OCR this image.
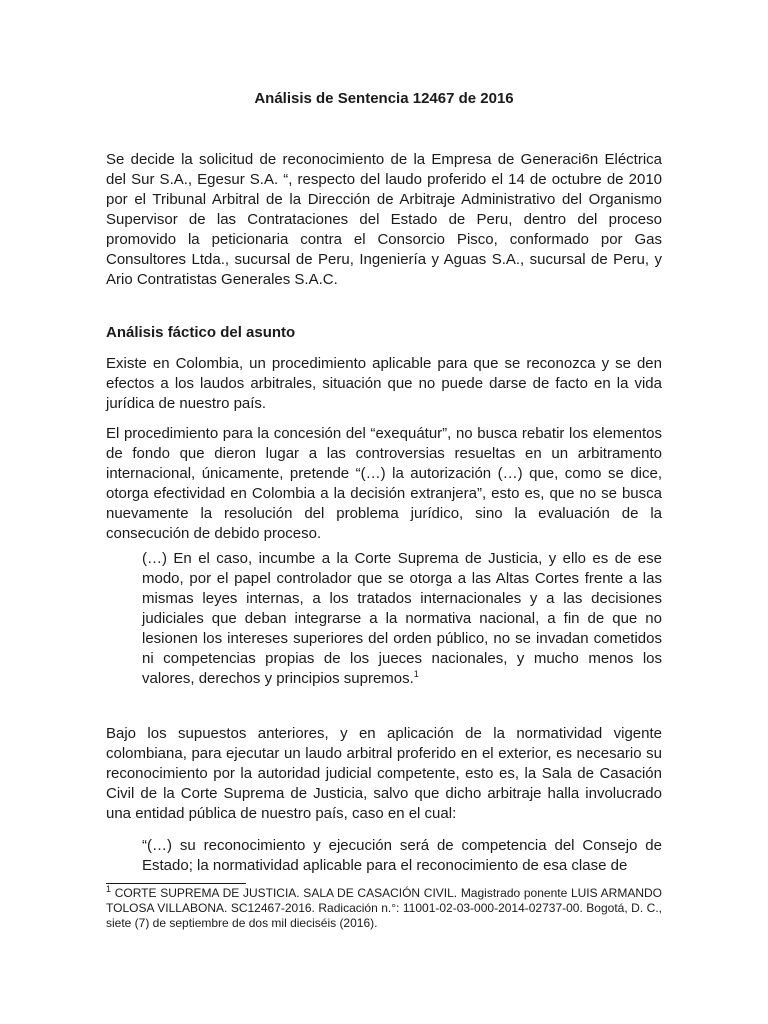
Análisis de Sentencia 12467 de 2016

Se decide la solicitud de reconocimiento de la Empresa de Generaci6n Eléctrica del Sur S.A., Egesur S.A. “, respecto del laudo proferido el 14 de octubre de 2010 por el Tribunal Arbitral de la Dirección de Arbitraje Administrativo del Organismo Supervisor de las Contrataciones del Estado de Peru, dentro del proceso promovido la peticionaria contra el Consorcio Pisco, conformado por Gas Consultores Ltda., sucursal de Peru, Ingeniería y Aguas S.A., sucursal de Peru, y Ario Contratistas Generales S.A.C.

Análisis fáctico del asunto

Existe en Colombia, un procedimiento aplicable para que se reconozca y se den efectos a los laudos arbitrales, situación que no puede darse de facto en la vida jurídica de nuestro país.

El procedimiento para la concesión del “exequátur”, no busca rebatir los elementos de fondo que dieron lugar a las controversias resueltas en un arbitramento internacional, únicamente, pretende “(…) la autorización (…) que, como se dice, otorga efectividad en Colombia a la decisión extranjera”, esto es, que no se busca nuevamente la resolución del problema jurídico, sino la evaluación de la consecución de debido proceso.

(…) En el caso, incumbe a la Corte Suprema de Justicia, y ello es de ese modo, por el papel controlador que se otorga a las Altas Cortes frente a las mismas leyes internas, a los tratados internacionales y a las decisiones judiciales que deban integrarse a la normativa nacional, a fin de que no lesionen los intereses superiores del orden público, no se invadan cometidos ni competencias propias de los jueces nacionales, y mucho menos los valores, derechos y principios supremos.$^1$

Bajo los supuestos anteriores, y en aplicación de la normatividad vigente colombiana, para ejecutar un laudo arbitral proferido en el exterior, es necesario su reconocimiento por la autoridad judicial competente, esto es, la Sala de Casación Civil de la Corte Suprema de Justicia, salvo que dicho arbitraje halla involucrado una entidad pública de nuestro país, caso en el cual:

“(…) su reconocimiento y ejecución será de competencia del Consejo de Estado; la normatividad aplicable para el reconocimiento de esa clase de

$^1$ CORTE SUPREMA DE JUSTICIA. SALA DE CASACIÓN CIVIL. Magistrado ponente LUIS ARMANDO TOLOSA VILLABONA. SC12467-2016. Radicación n.°: 11001-02-03-000-2014-02737-00. Bogotá, D. C., siete (7) de septiembre de dos mil dieciséis (2016).
